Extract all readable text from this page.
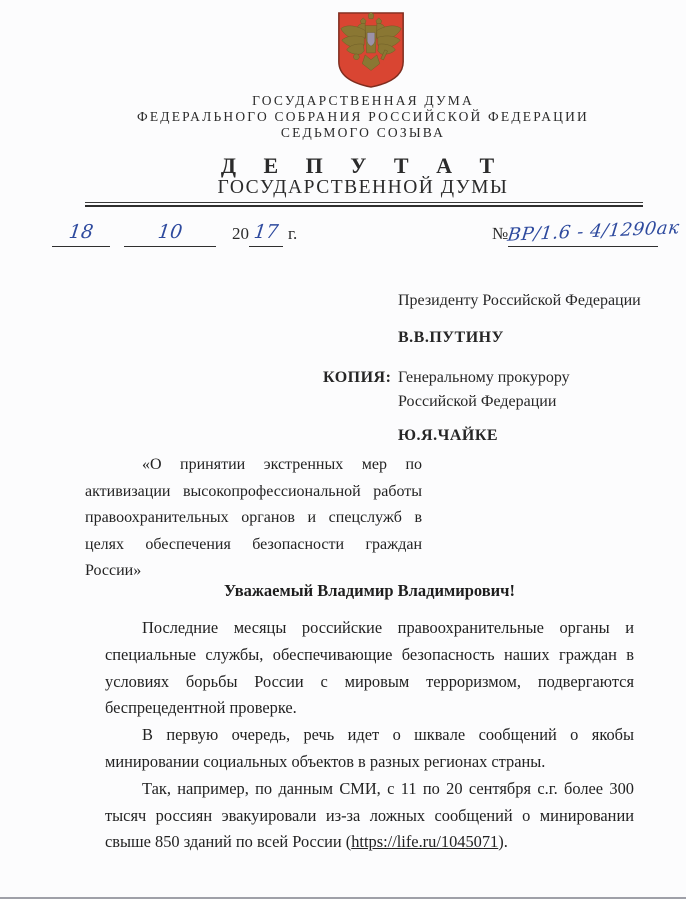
ГОСУДАРСТВЕННАЯ ДУМА
ФЕДЕРАЛЬНОГО СОБРАНИЯ РОССИЙСКОЙ ФЕДЕРАЦИИ
СЕДЬМОГО СОЗЫВА
Д Е П У Т А Т
ГОСУДАРСТВЕННОЙ ДУМЫ
18	10	20 17 г.	№ВР/1.6 - 4/1290ак
Президенту Российской Федерации
В.В.ПУТИНУ
КОПИЯ: Генеральному прокурору
Российской Федерации
Ю.Я.ЧАЙКЕ
«О принятии экстренных мер по активизации высокопрофессиональной работы правоохранительных органов и спецслужб в целях обеспечения безопасности граждан России»
Уважаемый Владимир Владимирович!

Последние месяцы российские правоохранительные органы и специальные службы, обеспечивающие безопасность наших граждан в условиях борьбы России с мировым терроризмом, подвергаются беспрецедентной проверке.

В первую очередь, речь идет о шквале сообщений о якобы минировании социальных объектов в разных регионах страны.

Так, например, по данным СМИ, с 11 по 20 сентября с.г. более 300 тысяч россиян эвакуировали из-за ложных сообщений о минировании свыше 850 зданий по всей России (https://life.ru/1045071).
